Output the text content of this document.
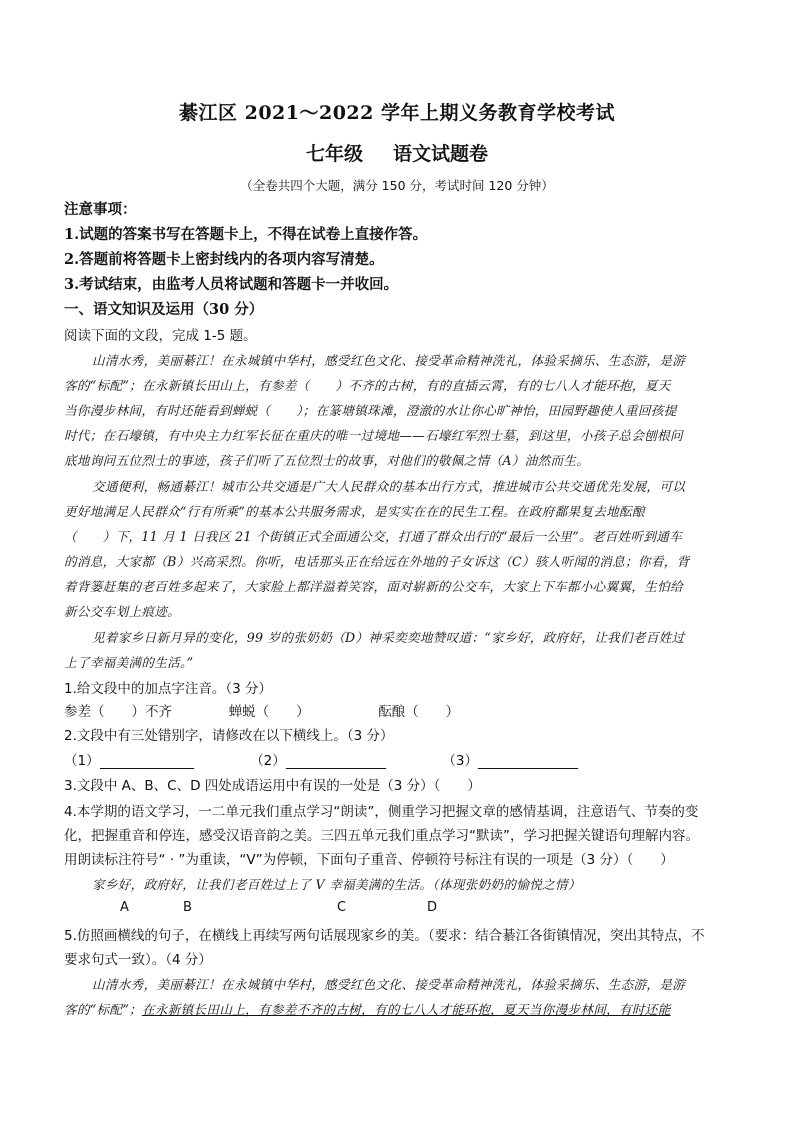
綦江区 2021～2022 学年上期义务教育学校考试
七年级 语文试题卷
（全卷共四个大题，满分 150 分，考试时间 120 分钟）
注意事项：
1.试题的答案书写在答题卡上，不得在试卷上直接作答。
2.答题前将答题卡上密封线内的各项内容写清楚。
3.考试结束，由监考人员将试题和答题卡一并收回。
一、语文知识及运用（30 分）
阅读下面的文段，完成 1-5 题。
山清水秀，美丽綦江！在永城镇中华村，感受红色文化、接受革命精神洗礼，体验采摘乐、生态游，是游
客的“标配”；在永新镇长田山上，有参差（　　）不齐的古树，有的直插云霄，有的七八人才能环抱，夏天
当你漫步林间，有时还能看到蝉蜕（　　）；在篆塘镇珠滩，澄澈的水让你心旷神怡，田园野趣使人重回孩提
时代；在石壕镇，有中央主力红军长征在重庆的唯一过境地——石壕红军烈士墓，到这里，小孩子总会刨根问
底地询问五位烈士的事迹，孩子们听了五位烈士的故事，对他们的敬佩之情（A）油然而生。
交通便利，畅通綦江！城市公共交通是广大人民群众的基本出行方式，推进城市公共交通优先发展，可以
更好地满足人民群众“行有所乘”的基本公共服务需求，是实实在在的民生工程。在政府鄱果复去地酝酿
（　　）下，11 月 1 日我区 21 个街镇正式全面通公交，打通了群众出行的“最后一公里”。老百姓听到通车
的消息，大家都（B）兴高采烈。你听，电话那头正在给远在外地的子女诉这（C）骇人听闻的消息；你看，背
着背篓赶集的老百姓多起来了，大家脸上都洋溢着笑容，面对崭新的公交车，大家上下车都小心翼翼，生怕给
新公交车划上痕迹。
见着家乡日新月异的变化，99 岁的张奶奶（D）神采奕奕地赞叹道：“家乡好，政府好，让我们老百姓过
上了幸福美满的生活。”
1.给文段中的加点字注音。（3 分）
参差（　　）不齐	蝉蜕（　　）	酝酿（　　）
2.文段中有三处错别字，请修改在以下横线上。（3 分）
（1）	（2）	（3）
3.文段中 A、B、C、D 四处成语运用中有误的一处是（3 分）（　　）
4.本学期的语文学习，一二单元我们重点学习“朗读”，侧重学习把握文章的感情基调，注意语气、节奏的变
化，把握重音和停连，感受汉语音韵之美。三四五单元我们重点学习“默读”，学习把握关键语句理解内容。
用朗读标注符号“ · ”为重读，“V”为停顿，下面句子重音、停顿符号标注有误的一项是（3 分）（　　）
家乡好，政府好，让我们老百姓过上了 V 幸福美满的生活。（体现张奶奶的愉悦之情）
A	B	C	D
5.仿照画横线的句子，在横线上再续写两句话展现家乡的美。（要求：结合綦江各街镇情况，突出其特点，不
要求句式一致）。（4 分）
山清水秀，美丽綦江！在永城镇中华村，感受红色文化、接受革命精神洗礼，体验采摘乐、生态游，是游
客的“标配”；在永新镇长田山上，有参差不齐的古树，有的七八人才能环抱，夏天当你漫步林间，有时还能
